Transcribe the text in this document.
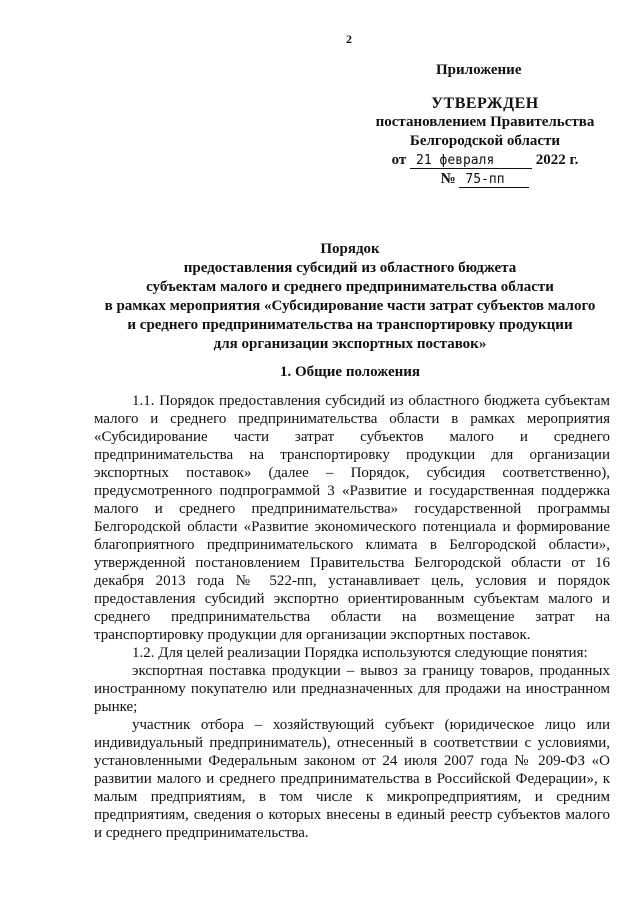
2
Приложение
УТВЕРЖДЕН
постановлением Правительства
Белгородской области
от 21 февраля	2022 г.
№ 75-пп
Порядок
предоставления субсидий из областного бюджета
субъектам малого и среднего предпринимательства области
в рамках мероприятия «Субсидирование части затрат субъектов малого
и среднего предпринимательства на транспортировку продукции
для организации экспортных поставок»
1. Общие положения

1.1. Порядок предоставления субсидий из областного бюджета субъектам малого и среднего предпринимательства области в рамках мероприятия «Субсидирование части затрат субъектов малого и среднего предпринимательства на транспортировку продукции для организации экспортных поставок» (далее – Порядок, субсидия соответственно), предусмотренного подпрограммой 3 «Развитие и государственная поддержка малого и среднего предпринимательства» государственной программы Белгородской области «Развитие экономического потенциала и формирование благоприятного предпринимательского климата в Белгородской области», утвержденной постановлением Правительства Белгородской области от 16 декабря 2013 года № 522-пп, устанавливает цель, условия и порядок предоставления субсидий экспортно ориентированным субъектам малого и среднего предпринимательства области на возмещение затрат на транспортировку продукции для организации экспортных поставок.

1.2. Для целей реализации Порядка используются следующие понятия:

экспортная поставка продукции – вывоз за границу товаров, проданных иностранному покупателю или предназначенных для продажи на иностранном рынке;

участник отбора – хозяйствующий субъект (юридическое лицо или индивидуальный предприниматель), отнесенный в соответствии с условиями, установленными Федеральным законом от 24 июля 2007 года № 209-ФЗ «О развитии малого и среднего предпринимательства в Российской Федерации», к малым предприятиям, в том числе к микропредприятиям, и средним предприятиям, сведения о которых внесены в единый реестр субъектов малого и среднего предпринимательства.
